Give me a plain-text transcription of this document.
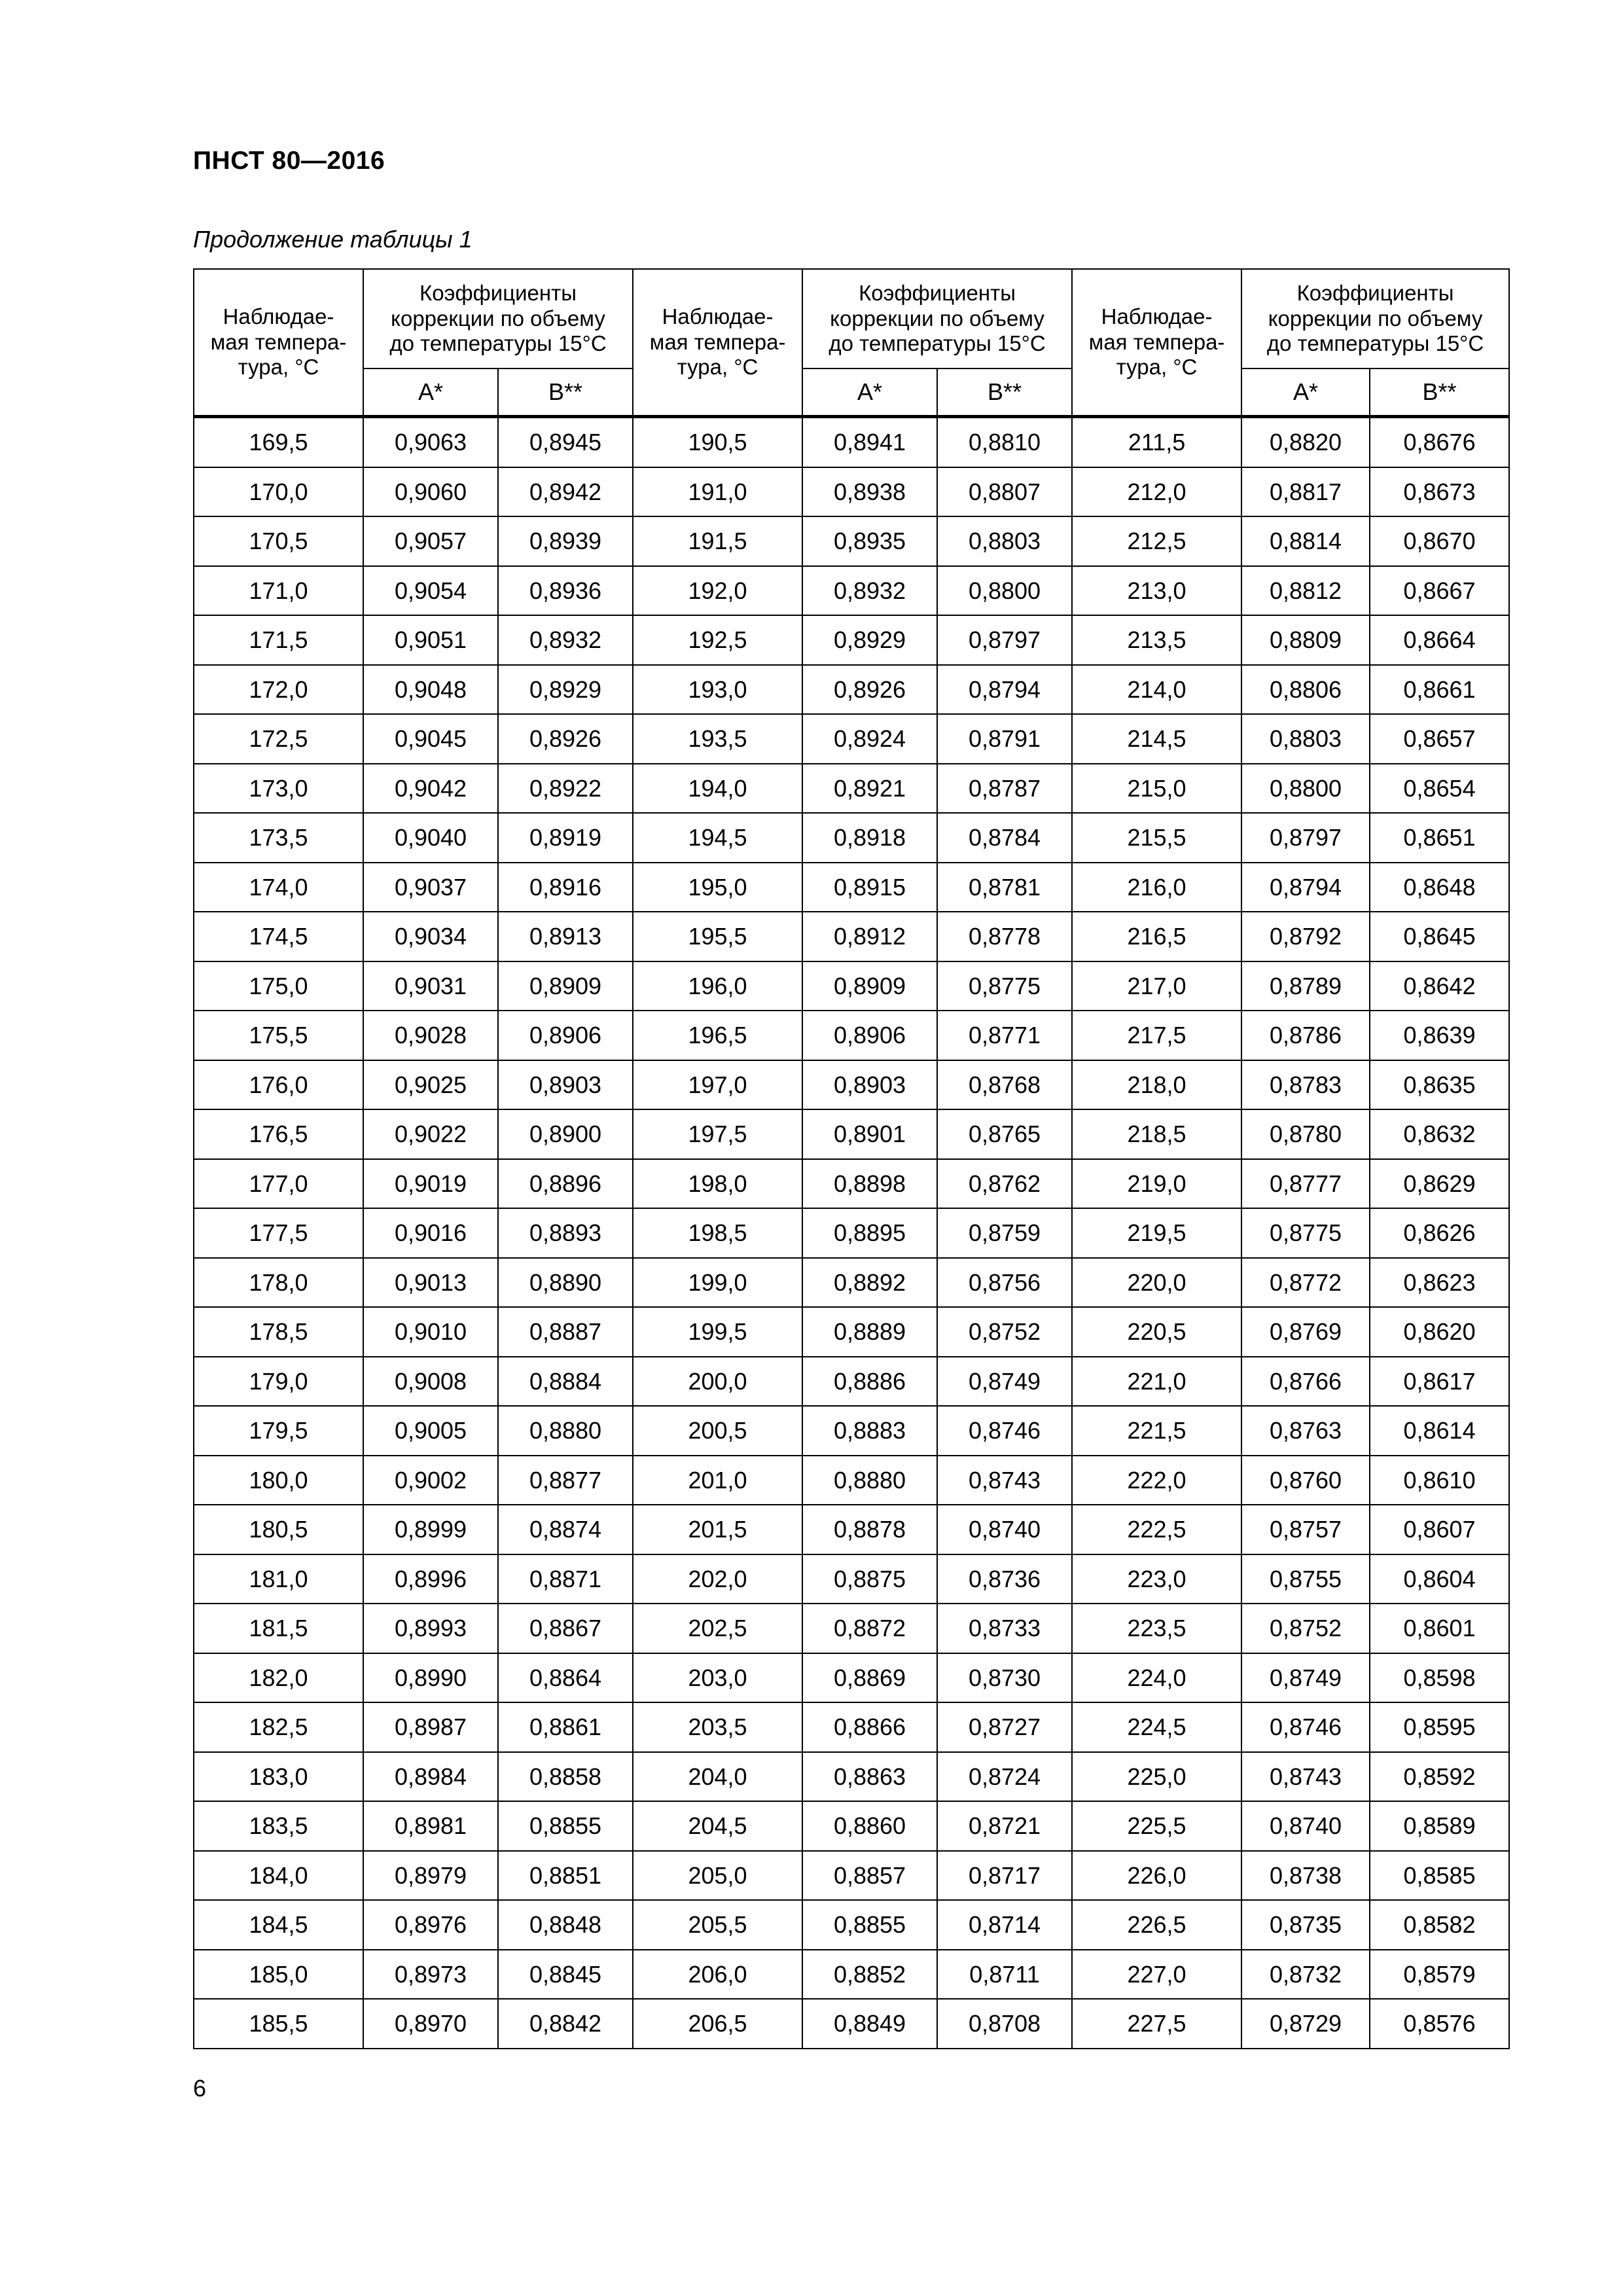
ПНСТ 80—2016
Продолжение таблицы 1
Наблюдае-
мая темпера-
тура, °С	Коэффициенты
коррекции по объему
до температуры 15°С		Наблюдае-
мая темпера-
тура, °С	Коэффициенты
коррекции по объему
до температуры 15°С		Наблюдае-
мая темпера-
тура, °С	Коэффициенты
коррекции по объему
до температуры 15°С	

	А*	В**		А*	В**		А*	В**
169,5	0,9063	0,8945	190,5	0,8941	0,8810	211,5	0,8820	0,8676
170,0	0,9060	0,8942	191,0	0,8938	0,8807	212,0	0,8817	0,8673
170,5	0,9057	0,8939	191,5	0,8935	0,8803	212,5	0,8814	0,8670
171,0	0,9054	0,8936	192,0	0,8932	0,8800	213,0	0,8812	0,8667
171,5	0,9051	0,8932	192,5	0,8929	0,8797	213,5	0,8809	0,8664
172,0	0,9048	0,8929	193,0	0,8926	0,8794	214,0	0,8806	0,8661
172,5	0,9045	0,8926	193,5	0,8924	0,8791	214,5	0,8803	0,8657
173,0	0,9042	0,8922	194,0	0,8921	0,8787	215,0	0,8800	0,8654
173,5	0,9040	0,8919	194,5	0,8918	0,8784	215,5	0,8797	0,8651
174,0	0,9037	0,8916	195,0	0,8915	0,8781	216,0	0,8794	0,8648
174,5	0,9034	0,8913	195,5	0,8912	0,8778	216,5	0,8792	0,8645
175,0	0,9031	0,8909	196,0	0,8909	0,8775	217,0	0,8789	0,8642
175,5	0,9028	0,8906	196,5	0,8906	0,8771	217,5	0,8786	0,8639
176,0	0,9025	0,8903	197,0	0,8903	0,8768	218,0	0,8783	0,8635
176,5	0,9022	0,8900	197,5	0,8901	0,8765	218,5	0,8780	0,8632
177,0	0,9019	0,8896	198,0	0,8898	0,8762	219,0	0,8777	0,8629
177,5	0,9016	0,8893	198,5	0,8895	0,8759	219,5	0,8775	0,8626
178,0	0,9013	0,8890	199,0	0,8892	0,8756	220,0	0,8772	0,8623
178,5	0,9010	0,8887	199,5	0,8889	0,8752	220,5	0,8769	0,8620
179,0	0,9008	0,8884	200,0	0,8886	0,8749	221,0	0,8766	0,8617
179,5	0,9005	0,8880	200,5	0,8883	0,8746	221,5	0,8763	0,8614
180,0	0,9002	0,8877	201,0	0,8880	0,8743	222,0	0,8760	0,8610
180,5	0,8999	0,8874	201,5	0,8878	0,8740	222,5	0,8757	0,8607
181,0	0,8996	0,8871	202,0	0,8875	0,8736	223,0	0,8755	0,8604
181,5	0,8993	0,8867	202,5	0,8872	0,8733	223,5	0,8752	0,8601
182,0	0,8990	0,8864	203,0	0,8869	0,8730	224,0	0,8749	0,8598
182,5	0,8987	0,8861	203,5	0,8866	0,8727	224,5	0,8746	0,8595
183,0	0,8984	0,8858	204,0	0,8863	0,8724	225,0	0,8743	0,8592
183,5	0,8981	0,8855	204,5	0,8860	0,8721	225,5	0,8740	0,8589
184,0	0,8979	0,8851	205,0	0,8857	0,8717	226,0	0,8738	0,8585
184,5	0,8976	0,8848	205,5	0,8855	0,8714	226,5	0,8735	0,8582
185,0	0,8973	0,8845	206,0	0,8852	0,8711	227,0	0,8732	0,8579
185,5	0,8970	0,8842	206,5	0,8849	0,8708	227,5	0,8729	0,8576
6
